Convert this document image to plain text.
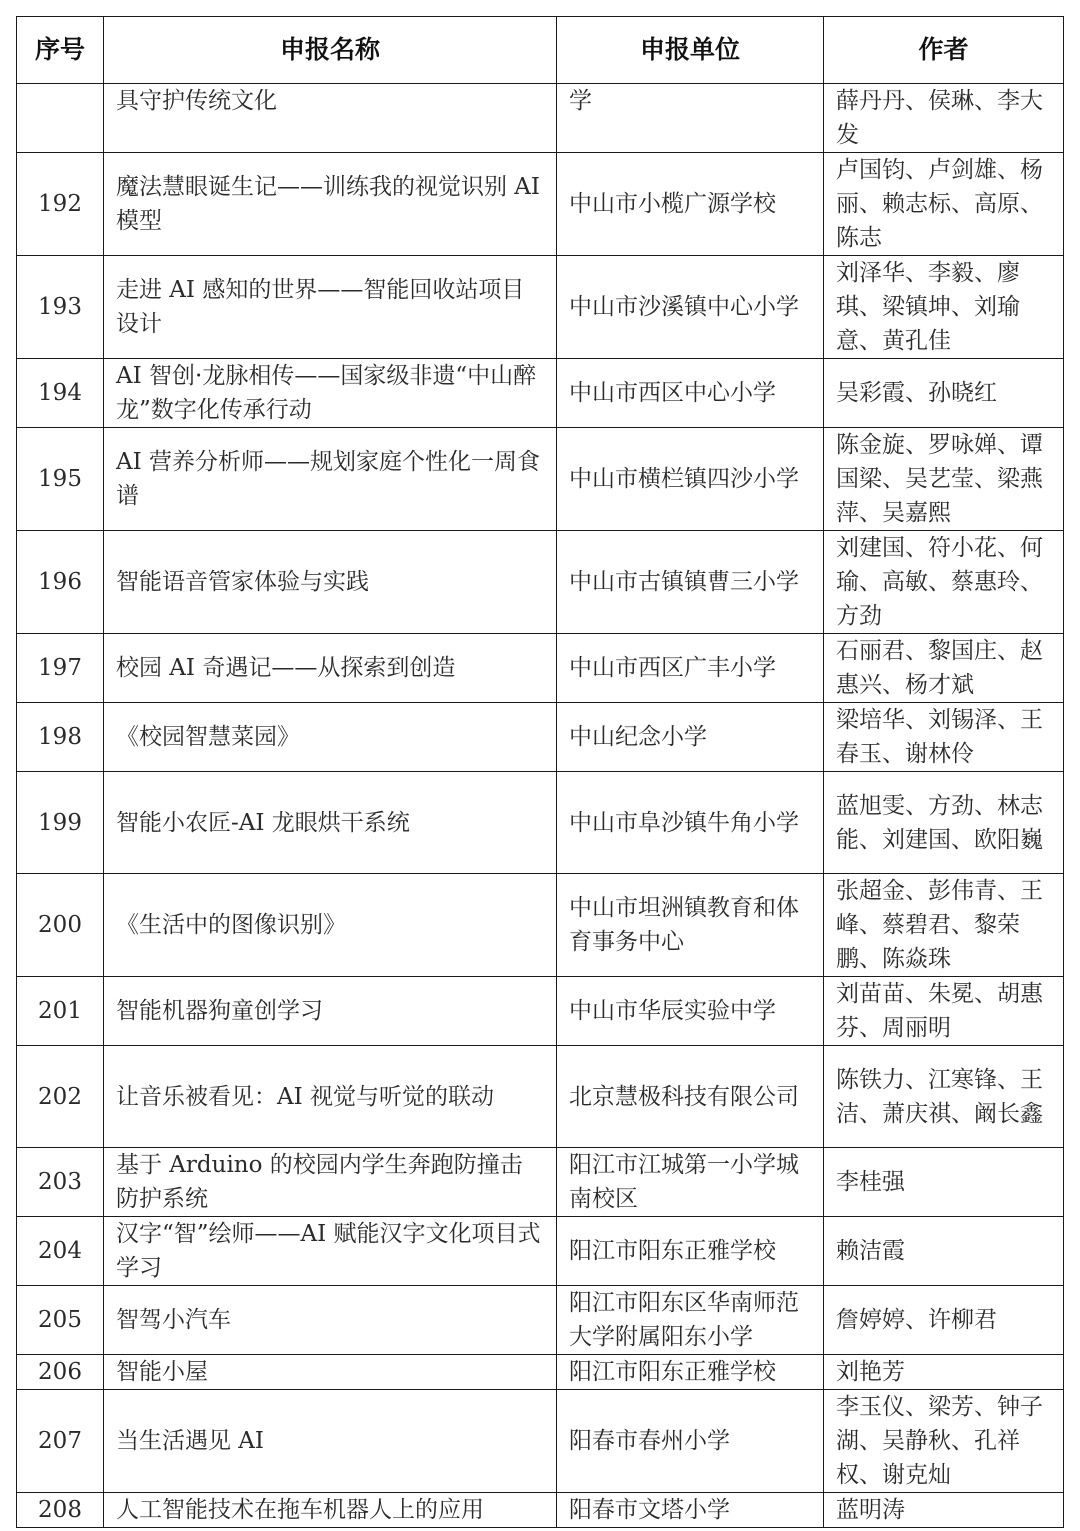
序号	申报名称	申报单位	作者
	具守护传统文化	学	薛丹丹、侯琳、李大发
192	魔法慧眼诞生记——训练我的视觉识别 AI 模型	中山市小榄广源学校	卢国钧、卢剑雄、杨丽、赖志标、高原、陈志
193	走进 AI 感知的世界——智能回收站项目设计	中山市沙溪镇中心小学	刘泽华、李毅、廖琪、梁镇坤、刘瑜意、黄孔佳
194	AI 智创·龙脉相传——国家级非遗“中山醉龙”数字化传承行动	中山市西区中心小学	吴彩霞、孙晓红
195	AI 营养分析师——规划家庭个性化一周食谱	中山市横栏镇四沙小学	陈金旋、罗咏婵、谭国梁、吴艺莹、梁燕萍、吴嘉熙
196	智能语音管家体验与实践	中山市古镇镇曹三小学	刘建国、符小花、何瑜、高敏、蔡惠玲、方劲
197	校园 AI 奇遇记——从探索到创造	中山市西区广丰小学	石丽君、黎国庄、赵惠兴、杨才斌
198	《校园智慧菜园》	中山纪念小学	梁培华、刘锡泽、王春玉、谢林伶
199	智能小农匠-AI 龙眼烘干系统	中山市阜沙镇牛角小学	蓝旭雯、方劲、林志能、刘建国、欧阳巍
200	《生活中的图像识别》	中山市坦洲镇教育和体育事务中心	张超金、彭伟青、王峰、蔡碧君、黎荣鹏、陈焱珠
201	智能机器狗童创学习	中山市华辰实验中学	刘苗苗、朱冕、胡惠芬、周丽明
202	让音乐被看见：AI 视觉与听觉的联动	北京慧极科技有限公司	陈铁力、江寒锋、王洁、萧庆祺、阚长鑫
203	基于 Arduino 的校园内学生奔跑防撞击防护系统	阳江市江城第一小学城南校区	李桂强
204	汉字“智”绘师——AI 赋能汉字文化项目式学习	阳江市阳东正雅学校	赖洁霞
205	智驾小汽车	阳江市阳东区华南师范大学附属阳东小学	詹婷婷、许柳君
206	智能小屋	阳江市阳东正雅学校	刘艳芳
207	当生活遇见 AI	阳春市春州小学	李玉仪、梁芳、钟子湖、吴静秋、孔祥权、谢克灿
208	人工智能技术在拖车机器人上的应用	阳春市文塔小学	蓝明涛
